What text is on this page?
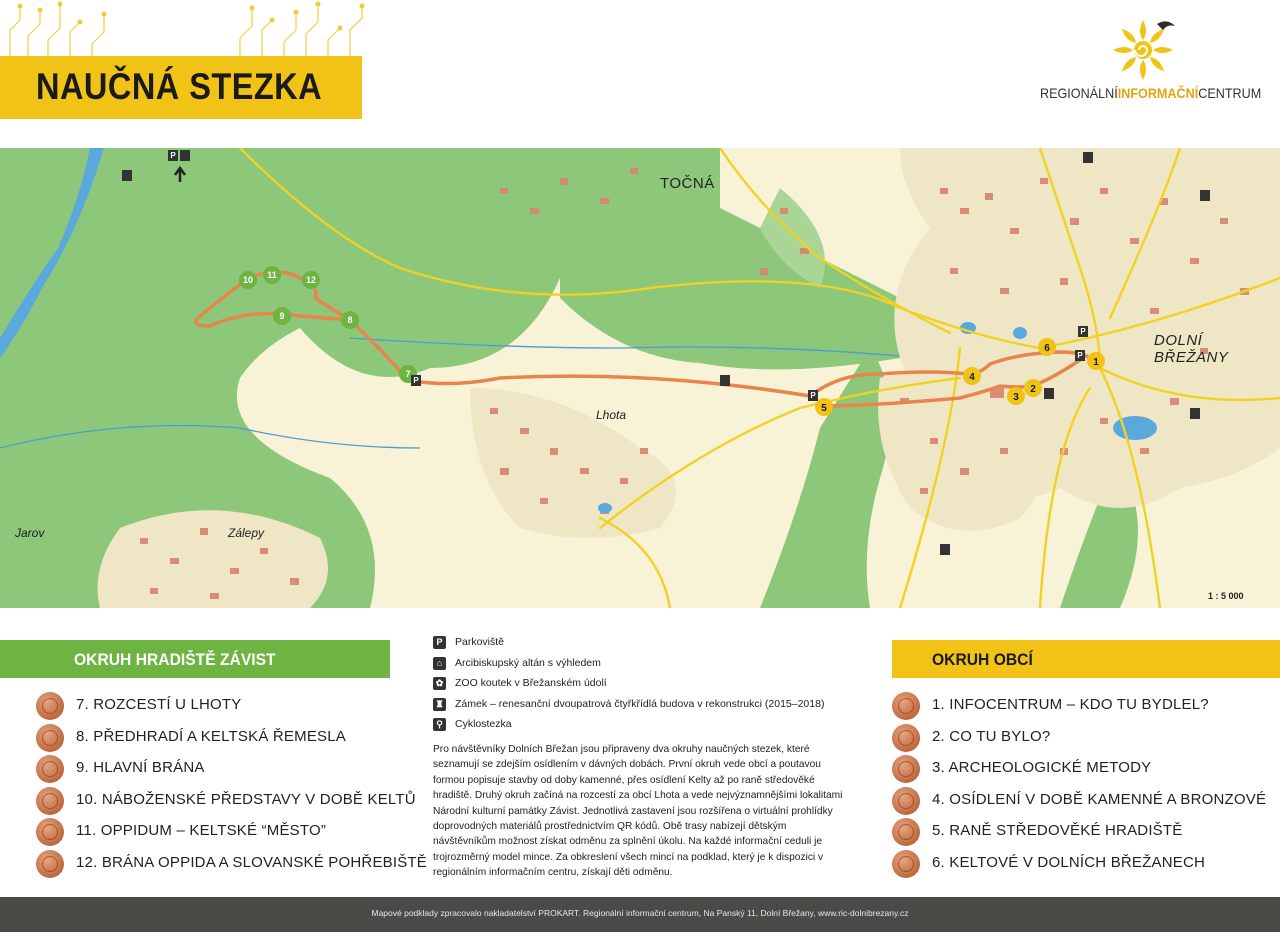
NAUČNÁ STEZKA	REGIONÁLNÍINFORMAČNÍCENTRUM
7
8
9
10 11	12
1
2
3
4
5
6
P
P
P
P
P
TOČNÁ
DOLNÍ BŘEŽANY
Lhota
Jarov	Zálepy
1 : 5 000
OKRUH HRADIŠTĚ ZÁVIST
7. ROZCESTÍ U LHOTY
8. PŘEDHRADÍ A KELTSKÁ ŘEMESLA
9. HLAVNÍ BRÁNA
10. NÁBOŽENSKÉ PŘEDSTAVY V DOBĚ KELTŮ
11. OPPIDUM – KELTSKÉ “MĚSTO”
12. BRÁNA OPPIDA A SLOVANSKÉ POHŘEBIŠTĚ
P	Parkoviště
⌂	Arcibiskupský altán s výhledem
✿ ZOO koutek v Břežanském údolí
♜ Zámek – renesanční dvoupatrová čtyřkřídlá budova v rekonstrukci (2015–2018)
⚲	Cyklostezka
Pro návštěvníky Dolních Břežan jsou připraveny dva okruhy naučných stezek, které seznamují se zdejším osídlením v dávných dobách. První okruh vede obcí a poutavou formou popisuje stavby od doby kamenné, přes osídlení Kelty až po raně středověké hradiště. Druhý okruh začíná na rozcestí za obcí Lhota a vede nejvýznamnějšími lokalitami Národní kulturní památky Závist. Jednotlivá zastavení jsou rozšířena o virtuální prohlídky doprovodných materiálů prostřednictvím QR kódů. Obě trasy nabízejí dětským návštěvníkům možnost získat odměnu za splnění úkolu. Na každé informační ceduli je trojrozměrný model mince. Za obkreslení všech mincí na podklad, který je k dispozici v regionálním informačním centru, získají děti odměnu.
OKRUH OBCÍ
1. INFOCENTRUM – KDO TU BYDLEL?
2. CO TU BYLO?
3. ARCHEOLOGICKÉ METODY
4. OSÍDLENÍ V DOBĚ KAMENNÉ A BRONZOVÉ
5. RANĚ STŘEDOVĚKÉ HRADIŠTĚ
6. KELTOVÉ V DOLNÍCH BŘEŽANECH
Mapové podklady zpracovalo nakladatelství PROKART. Regionální informační centrum, Na Panský 11, Dolní Břežany, www.ric-dolnibrezany.cz
